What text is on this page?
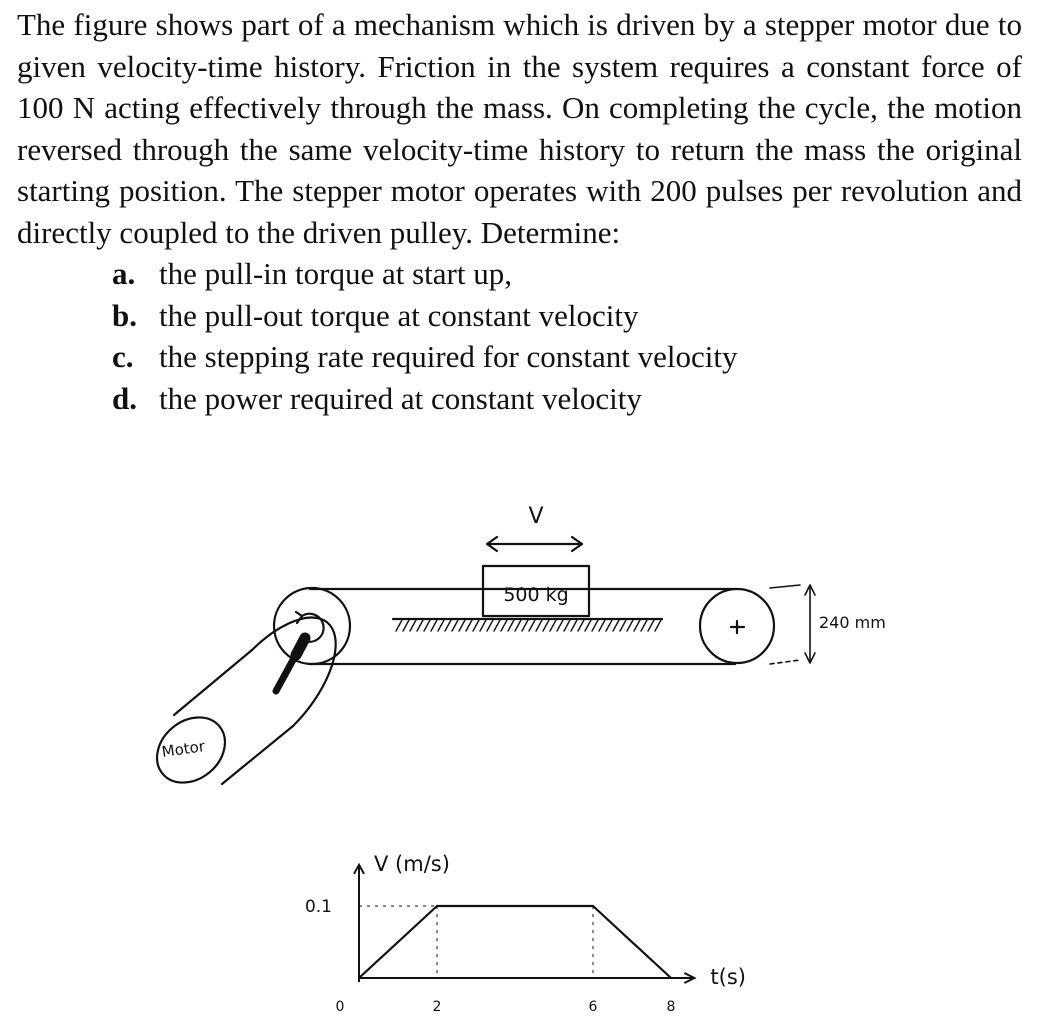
The figure shows part of a mechanism which is driven by a stepper motor due to given velocity-time history. Friction in the system requires a constant force of 100 N acting effectively through the mass. On completing the cycle, the motion reversed through the same velocity-time history to return the mass the original starting position. The stepper motor operates with 200 pulses per revolution and directly coupled to the driven pulley. Determine:

a. the pull-in torque at start up,
b. the pull-out torque at constant velocity
c. the stepping rate required for constant velocity
d. the power required at constant velocity
V
500 kg
240 mm
Motor
V (m/s)
t(s)
0.1
0	2	6	8
